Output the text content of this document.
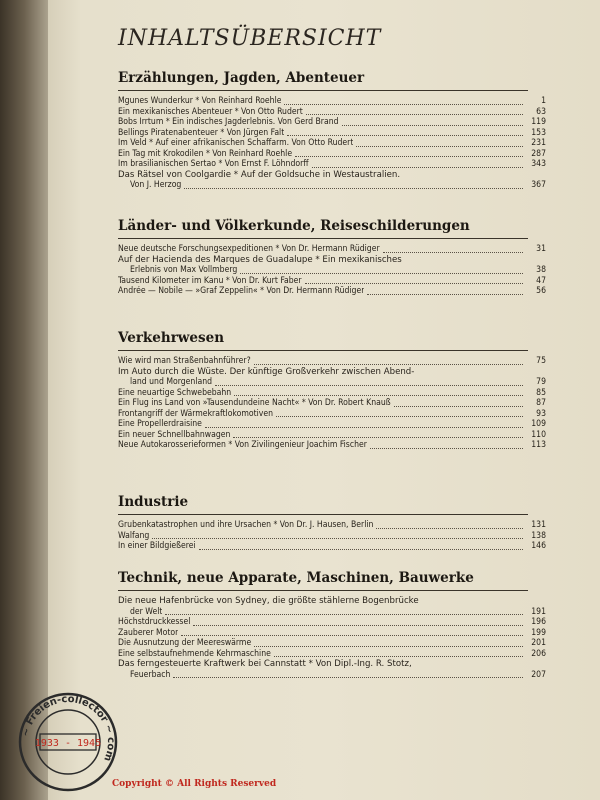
INHALTSÜBERSICHT
Erzählungen, Jagden, Abenteuer
Mgunes Wunderkur * Von Reinhard Roehle	1
Ein mexikanisches Abenteuer * Von Otto Rudert	63
Bobs Irrtum * Ein indisches Jagderlebnis. Von Gerd Brand	119
Bellings Piratenabenteuer * Von Jürgen Falt	153
Im Veld * Auf einer afrikanischen Schaffarm. Von Otto Rudert	231
Ein Tag mit Krokodilen * Von Reinhard Roehle	287
Im brasilianischen Sertao * Von Ernst F. Löhndorff	343
Das Rätsel von Coolgardie * Auf der Goldsuche in Westaustralien.
Von J. Herzog	367
Länder- und Völkerkunde, Reiseschilderungen
Neue deutsche Forschungsexpeditionen * Von Dr. Hermann Rüdiger	31
Auf der Hacienda des Marques de Guadalupe * Ein mexikanisches
Erlebnis von Max Vollmberg	38
Tausend Kilometer im Kanu * Von Dr. Kurt Faber	47
Andrée — Nobile — »Graf Zeppelin« * Von Dr. Hermann Rüdiger	56
Verkehrwesen
Wie wird man Straßenbahnführer?	75
Im Auto durch die Wüste. Der künftige Großverkehr zwischen Abend-
land und Morgenland	79
Eine neuartige Schwebebahn	85
Ein Flug ins Land von »Tausendundeine Nacht« * Von Dr. Robert Knauß	87
Frontangriff der Wärmekraftlokomotiven	93
Eine Propellerdraisine	109
Ein neuer Schnellbahnwagen	110
Neue Autokarosserieformen * Von Zivilingenieur Joachim Fischer	113
Industrie
Grubenkatastrophen und ihre Ursachen * Von Dr. J. Hausen, Berlin	131
Walfang	138
In einer Bildgießerei	146
Technik, neue Apparate, Maschinen, Bauwerke
Die neue Hafenbrücke von Sydney, die größte stählerne Bogenbrücke
der Welt	191
Höchstdruckkessel	196
Zauberer Motor	199
Die Ausnutzung der Meereswärme	201
Eine selbstaufnehmende Kehrmaschine	206
Das ferngesteuerte Kraftwerk bei Cannstatt * Von Dipl.-Ing. R. Stotz,
Feuerbach	207
~ Freien-collector ~ com
1933 - 1945
Copyright © All Rights Reserved
